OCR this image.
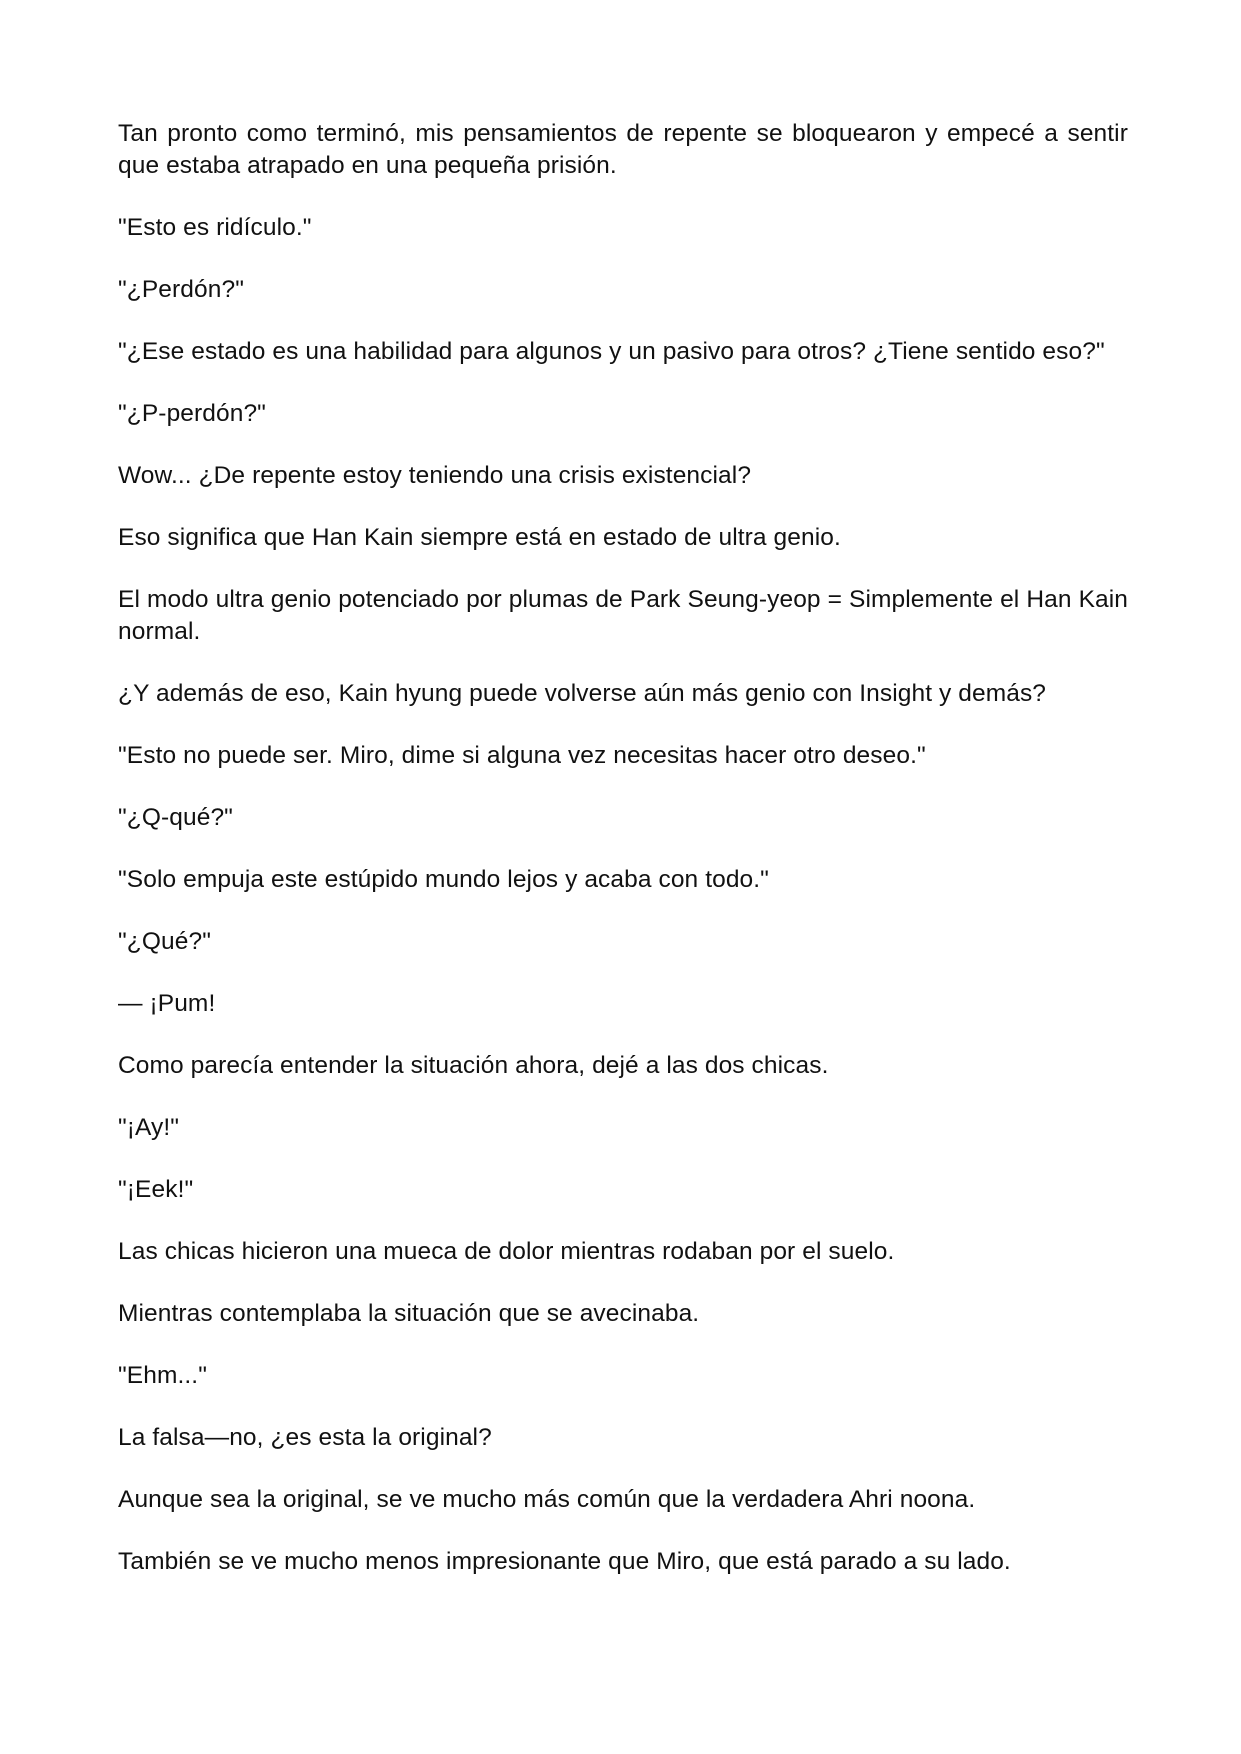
Tan pronto como terminó, mis pensamientos de repente se bloquearon y empecé a sentir que estaba atrapado en una pequeña prisión.

"Esto es ridículo."

"¿Perdón?"

"¿Ese estado es una habilidad para algunos y un pasivo para otros? ¿Tiene sentido eso?"

"¿P-perdón?"

Wow... ¿De repente estoy teniendo una crisis existencial?

Eso significa que Han Kain siempre está en estado de ultra genio.

El modo ultra genio potenciado por plumas de Park Seung-yeop = Simplemente el Han Kain normal.

¿Y además de eso, Kain hyung puede volverse aún más genio con Insight y demás?

"Esto no puede ser. Miro, dime si alguna vez necesitas hacer otro deseo."

"¿Q-qué?"

"Solo empuja este estúpido mundo lejos y acaba con todo."

"¿Qué?"

— ¡Pum!

Como parecía entender la situación ahora, dejé a las dos chicas.

"¡Ay!"

"¡Eek!"

Las chicas hicieron una mueca de dolor mientras rodaban por el suelo.

Mientras contemplaba la situación que se avecinaba.

"Ehm..."

La falsa—no, ¿es esta la original?

Aunque sea la original, se ve mucho más común que la verdadera Ahri noona.

También se ve mucho menos impresionante que Miro, que está parado a su lado.
